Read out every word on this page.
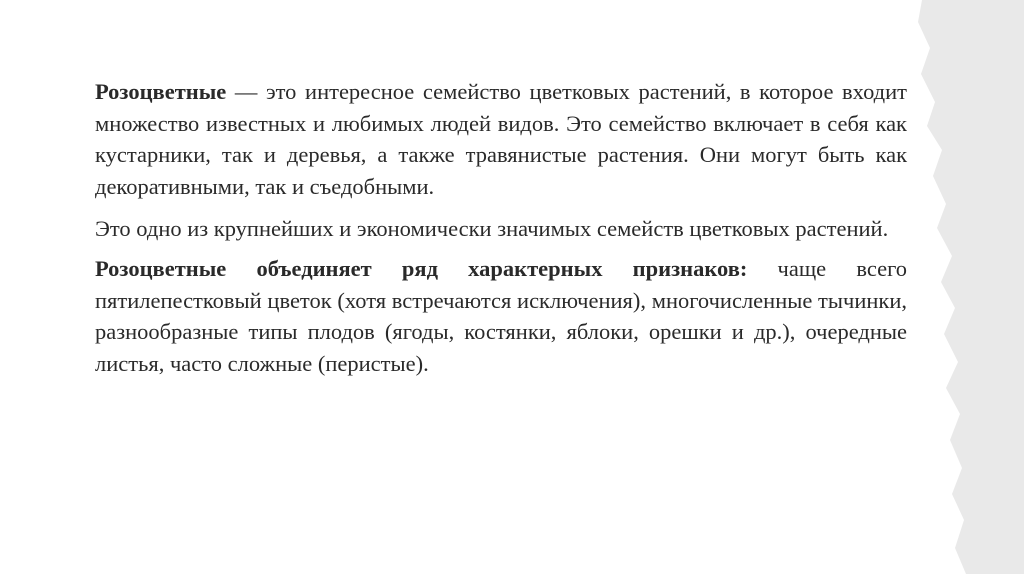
Розоцветные — это интересное семейство цветковых растений, в которое входит множество известных и любимых людей видов. Это семейство включает в себя как кустарники, так и деревья, а также травянистые растения. Они могут быть как декоративными, так и съедобными.

Это одно из крупнейших и экономически значимых семейств цветковых растений.

Розоцветные объединяет ряд характерных признаков: чаще всего пятилепестковый цветок (хотя встречаются исключения), многочисленные тычинки, разнообразные типы плодов (ягоды, костянки, яблоки, орешки и др.), очередные листья, часто сложные (перистые).
